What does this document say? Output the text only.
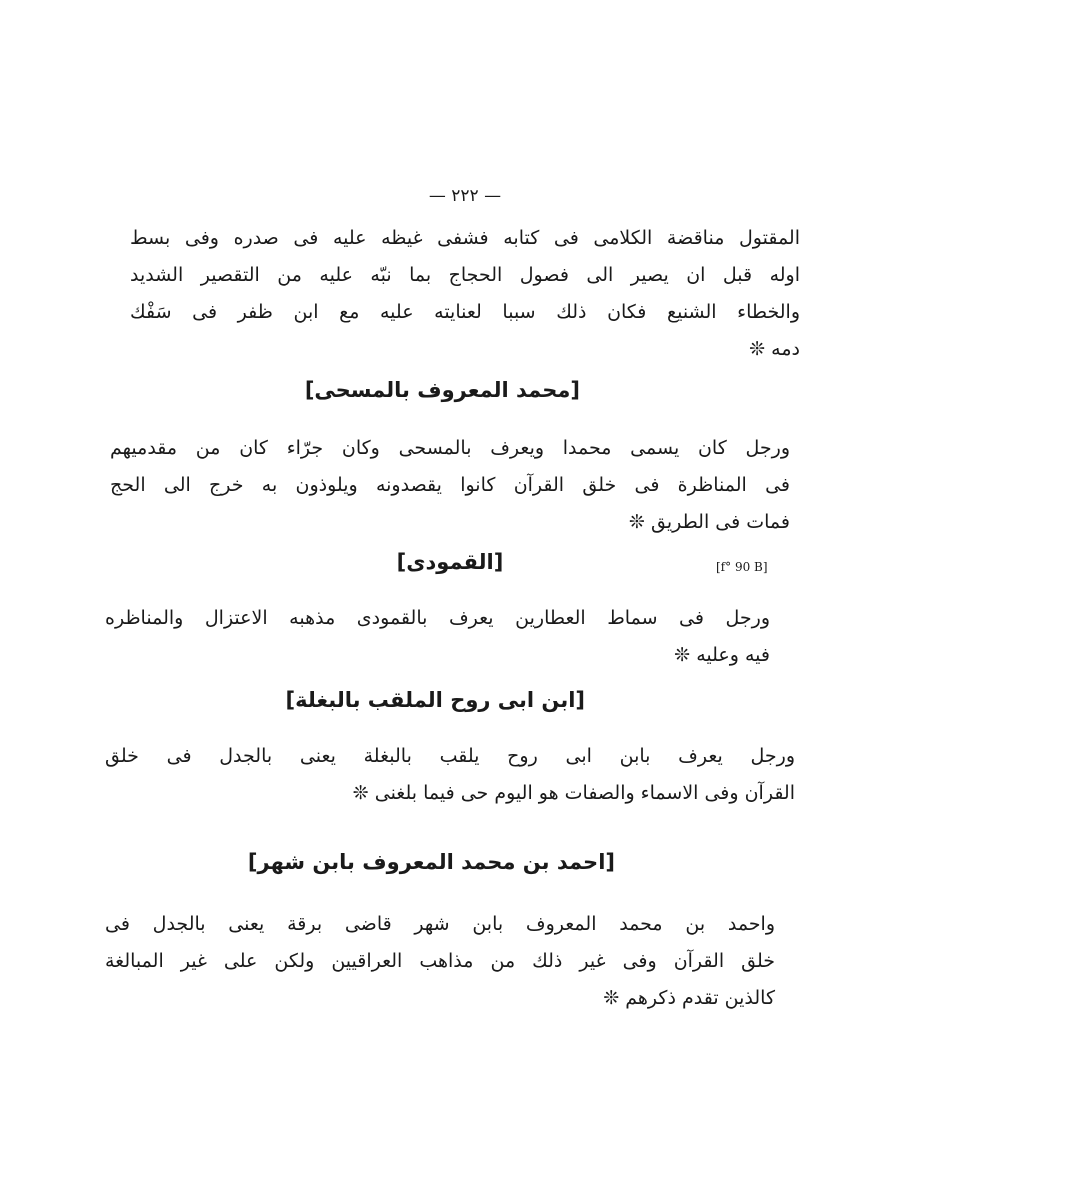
— ٢٢٢ —
المقتول مناقضة الكلامى فى كتابه فشفى غيظه عليه فى صدره وفى بسط
اوله قبل ان يصير الى فصول الحجاج بما نبّه عليه من التقصير الشديد
والخطاء الشنيع فكان ذلك سببا لعنايته عليه مع ابن ظفر فى سَفْك
دمه ❊
[محمد المعروف بالمسحى]
ورجل كان يسمى محمدا ويعرف بالمسحى وكان جرّاء كان من مقدميهم
فى المناظرة فى خلق القرآن كانوا يقصدونه ويلوذون به خرج الى الحج
فمات فى الطريق ❊
[القمودى]	[f° 90 B]
ورجل فى سماط العطارين يعرف بالقمودى مذهبه الاعتزال والمناظره
فيه وعليه ❊
[ابن ابى روح الملقب بالبغلة]
ورجل يعرف بابن ابى روح يلقب بالبغلة يعنى بالجدل فى خلق
القرآن وفى الاسماء والصفات هو اليوم حى فيما بلغنى ❊
[احمد بن محمد المعروف بابن شهر]
واحمد بن محمد المعروف بابن شهر قاضى برقة يعنى بالجدل فى
خلق القرآن وفى غير ذلك من مذاهب العراقيين ولكن على غير المبالغة
كالذين تقدم ذكرهم ❊
